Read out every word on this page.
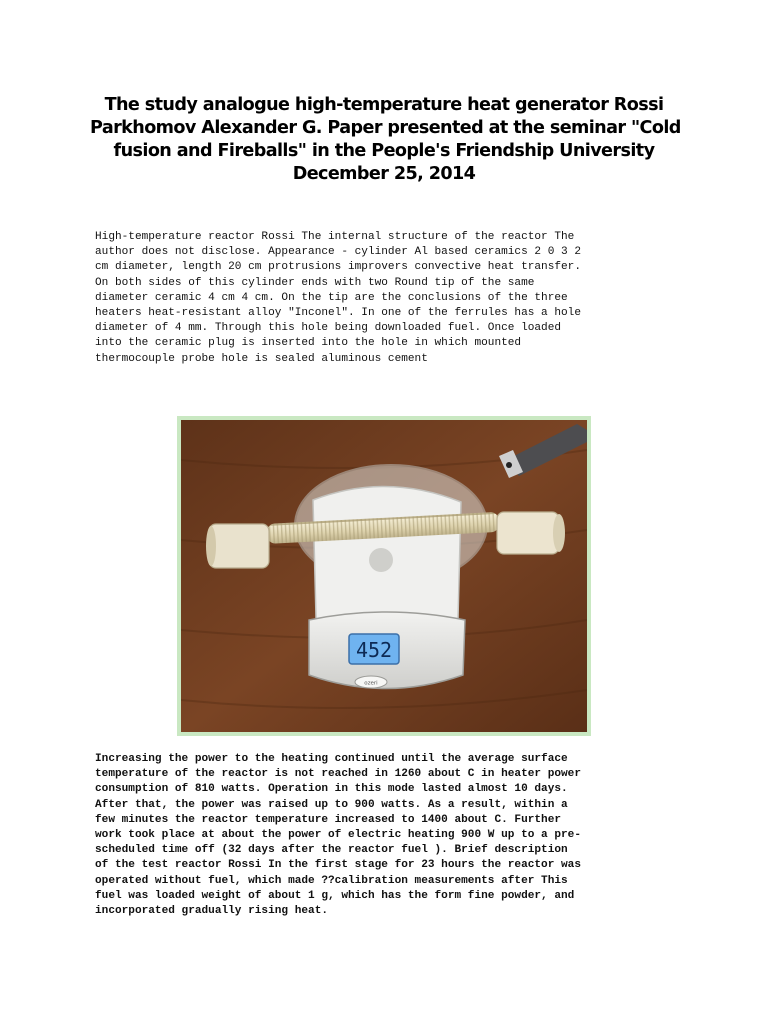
The study analogue high-temperature heat generator Rossi
Parkhomov Alexander G. Paper presented at the seminar "Cold
fusion and Fireballs" in the People's Friendship University
December 25, 2014
High-temperature reactor Rossi The internal structure of the reactor The
author does not disclose. Appearance - cylinder Al based ceramics 2 0 3 2
cm diameter, length 20 cm protrusions improvers convective heat transfer.
On both sides of this cylinder ends with two Round tip of the same
diameter ceramic 4 cm 4 cm. On the tip are the conclusions of the three
heaters heat-resistant alloy "Inconel". In one of the ferrules has a hole
diameter of 4 mm. Through this hole being downloaded fuel. Once loaded
into the ceramic plug is inserted into the hole in which mounted
thermocouple probe hole is sealed aluminous cement
452
ozeri
Increasing the power to the heating continued until the average surface
temperature of the reactor is not reached in 1260 about C in heater power
consumption of 810 watts. Operation in this mode lasted almost 10 days.
After that, the power was raised up to 900 watts. As a result, within a
few minutes the reactor temperature increased to 1400 about C. Further
work took place at about the power of electric heating 900 W up to a pre-
scheduled time off (32 days after the reactor fuel ). Brief description
of the test reactor Rossi In the first stage for 23 hours the reactor was
operated without fuel, which made ??calibration measurements after This
fuel was loaded weight of about 1 g, which has the form fine powder, and
incorporated gradually rising heat.
